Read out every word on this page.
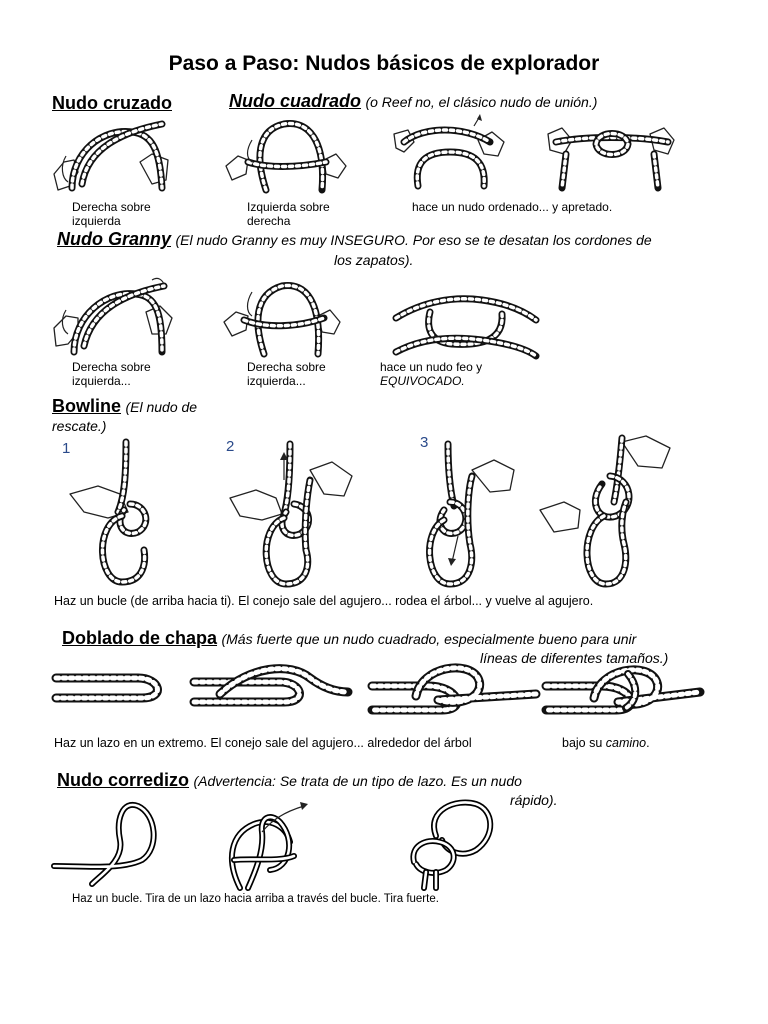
Paso a Paso: Nudos básicos de explorador
Nudo cruzado	Nudo cuadrado (o Reef no, el clásico nudo de unión.)
Derecha sobre izquierda
Izquierda sobre derecha
hace un nudo ordenado... y apretado.
Nudo Granny (El nudo Granny es muy INSEGURO. Por eso se te desatan los cordones de
los zapatos).
Derecha sobre izquierda...
Derecha sobre izquierda...
hace un nudo feo y
EQUIVOCADO.
Bowline (El nudo de
rescate.)
1	2	3
Haz un bucle (de arriba hacia ti). El conejo sale del agujero... rodea el árbol... y vuelve al agujero.
Doblado de chapa (Más fuerte que un nudo cuadrado, especialmente bueno para unir
líneas de diferentes tamaños.)
Haz un lazo en un extremo. El conejo sale del agujero... alrededor del árbol	bajo su camino.
Nudo corredizo (Advertencia: Se trata de un tipo de lazo. Es un nudo
rápido).
Haz un bucle. Tira de un lazo hacia arriba a través del bucle. Tira fuerte.
